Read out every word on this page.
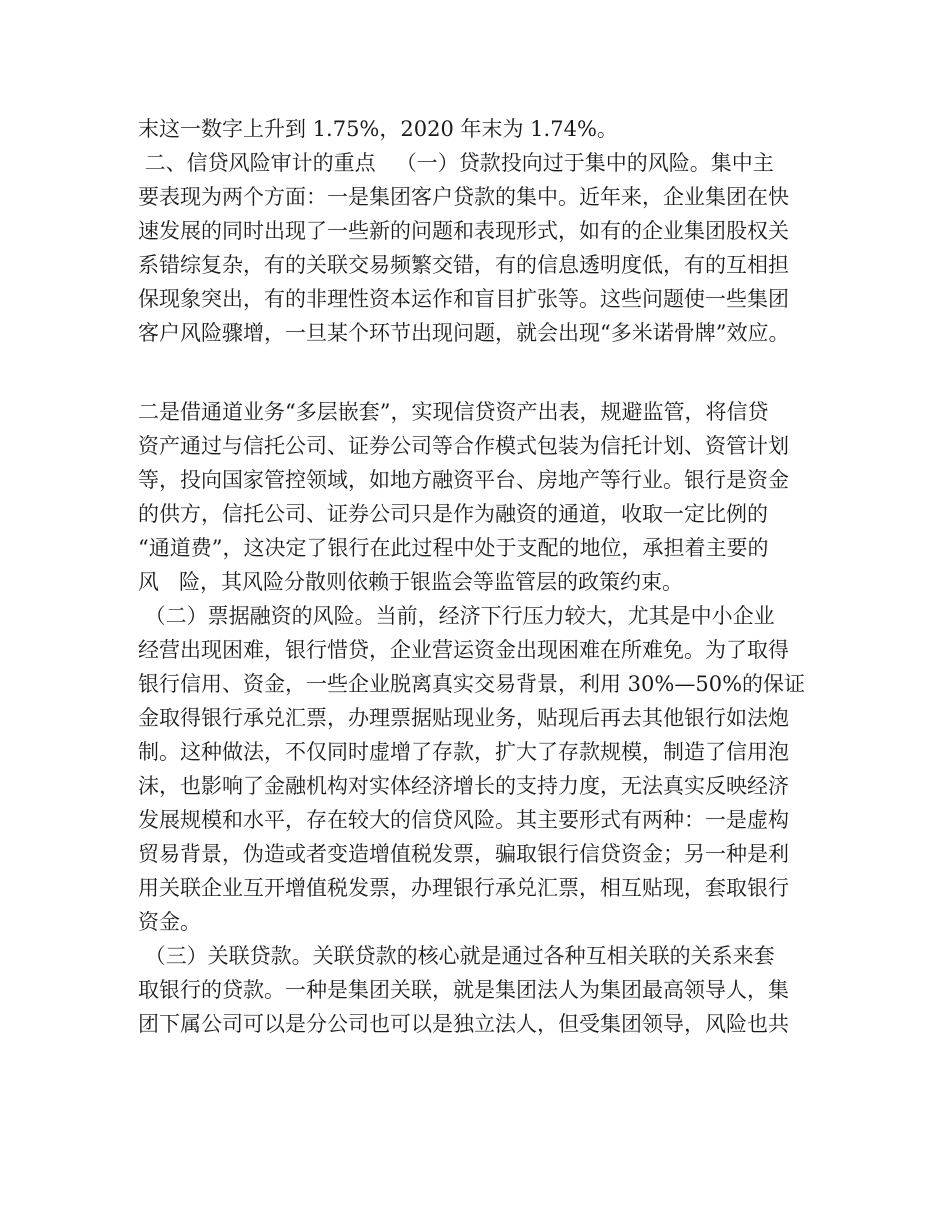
末这一数字上升到 1.75%，2020 年末为 1.74%。
二、信贷风险审计的重点   （一）贷款投向过于集中的风险。集中主
要表现为两个方面：一是集团客户贷款的集中。近年来，企业集团在快
速发展的同时出现了一些新的问题和表现形式，如有的企业集团股权关
系错综复杂，有的关联交易频繁交错，有的信息透明度低，有的互相担
保现象突出，有的非理性资本运作和盲目扩张等。这些问题使一些集团
客户风险骤增，一旦某个环节出现问题，就会出现“多米诺骨牌”效应。
二是借通道业务“多层嵌套”，实现信贷资产出表，规避监管，将信贷
资产通过与信托公司、证券公司等合作模式包装为信托计划、资管计划
等，投向国家管控领域，如地方融资平台、房地产等行业。银行是资金
的供方，信托公司、证券公司只是作为融资的通道，收取一定比例的
“通道费”，这决定了银行在此过程中处于支配的地位，承担着主要的
风   险，其风险分散则依赖于银监会等监管层的政策约束。
（二）票据融资的风险。当前，经济下行压力较大，尤其是中小企业
经营出现困难，银行惜贷，企业营运资金出现困难在所难免。为了取得
银行信用、资金，一些企业脱离真实交易背景，利用 30%—50%的保证
金取得银行承兑汇票，办理票据贴现业务，贴现后再去其他银行如法炮
制。这种做法，不仅同时虚增了存款，扩大了存款规模，制造了信用泡
沫，也影响了金融机构对实体经济增长的支持力度，无法真实反映经济
发展规模和水平，存在较大的信贷风险。其主要形式有两种：一是虚构
贸易背景，伪造或者变造增值税发票，骗取银行信贷资金；另一种是利
用关联企业互开增值税发票，办理银行承兑汇票，相互贴现，套取银行
资金。
（三）关联贷款。关联贷款的核心就是通过各种互相关联的关系来套
取银行的贷款。一种是集团关联，就是集团法人为集团最高领导人，集
团下属公司可以是分公司也可以是独立法人，但受集团领导，风险也共
